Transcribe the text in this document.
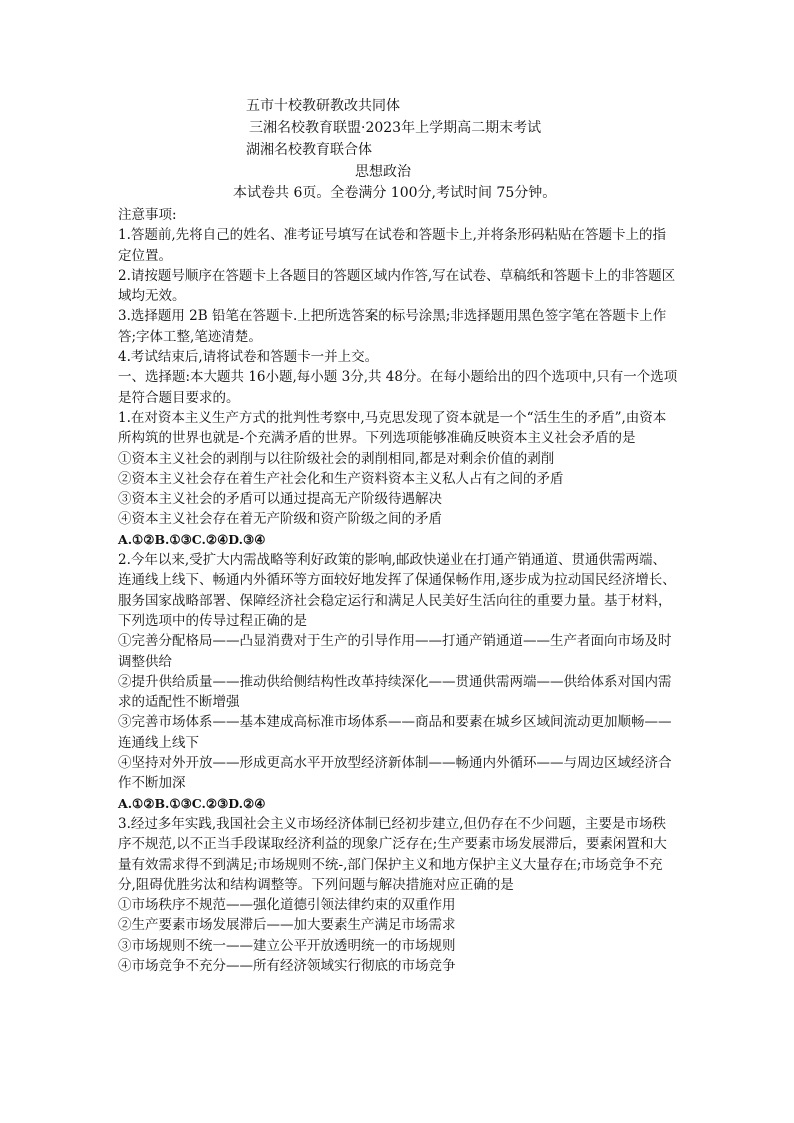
五市十校教研教改共同体
三湘名校教育联盟·2023年上学期高二期末考试
湖湘名校教育联合体
思想政治
本试卷共 6页。全卷满分 100分,考试时间 75分钟。

注意事项:

1.答题前,先将自己的姓名、准考证号填写在试卷和答题卡上,并将条形码粘贴在答题卡上的指定位置。

2.请按题号顺序在答题卡上各题目的答题区域内作答,写在试卷、草稿纸和答题卡上的非答题区域均无效。

3.选择题用 2B 铅笔在答题卡.上把所选答案的标号涂黑;非选择题用黑色签字笔在答题卡上作答;字体工整,笔迹清楚。

4.考试结束后,请将试卷和答题卡一并上交。

一、选择题:本大题共 16小题,每小题 3分,共 48分。在每小题给出的四个选项中,只有一个选项是符合题目要求的。

1.在对资本主义生产方式的批判性考察中,马克思发现了资本就是一个“活生生的矛盾”,由资本所构筑的世界也就是-个充满矛盾的世界。下列选项能够准确反映资本主义社会矛盾的是

①资本主义社会的剥削与以往阶级社会的剥削相同,都是对剩余价值的剥削

②资本主义社会存在着生产社会化和生产资料资本主义私人占有之间的矛盾

③资本主义社会的矛盾可以通过提高无产阶级待遇解决

④资本主义社会存在着无产阶级和资产阶级之间的矛盾

A.①②B.①③C.②④D.③④

2.今年以来,受扩大内需战略等利好政策的影响,邮政快递业在打通产销通道、贯通供需两端、连通线上线下、畅通内外循环等方面较好地发挥了保通保畅作用,逐步成为拉动国民经济增长、服务国家战略部署、保障经济社会稳定运行和满足人民美好生活向往的重要力量。基于材料，下列选项中的传导过程正确的是

①完善分配格局——凸显消费对于生产的引导作用——打通产销通道——生产者面向市场及时调整供给

②提升供给质量——推动供给侧结构性改革持续深化——贯通供需两端——供给体系对国内需求的适配性不断增强

③完善市场体系——基本建成高标准市场体系——商品和要素在城乡区域间流动更加顺畅——连通线上线下

④坚持对外开放——形成更高水平开放型经济新体制——畅通内外循环——与周边区域经济合作不断加深

A.①②B.①③C.②③D.②④

3.经过多年实践,我国社会主义市场经济体制已经初步建立,但仍存在不少问题，主要是市场秩序不规范,以不正当手段谋取经济利益的现象广泛存在;生产要素市场发展滞后，要素闲置和大量有效需求得不到满足;市场规则不统-,部门保护主义和地方保护主义大量存在;市场竞争不充分,阻碍优胜劣汰和结构调整等。下列问题与解决措施对应正确的是

①市场秩序不规范——强化道德引领法律约束的双重作用

②生产要素市场发展滞后——加大要素生产满足市场需求

③市场规则不统一——建立公平开放透明统一的市场规则

④市场竞争不充分——所有经济领域实行彻底的市场竞争
